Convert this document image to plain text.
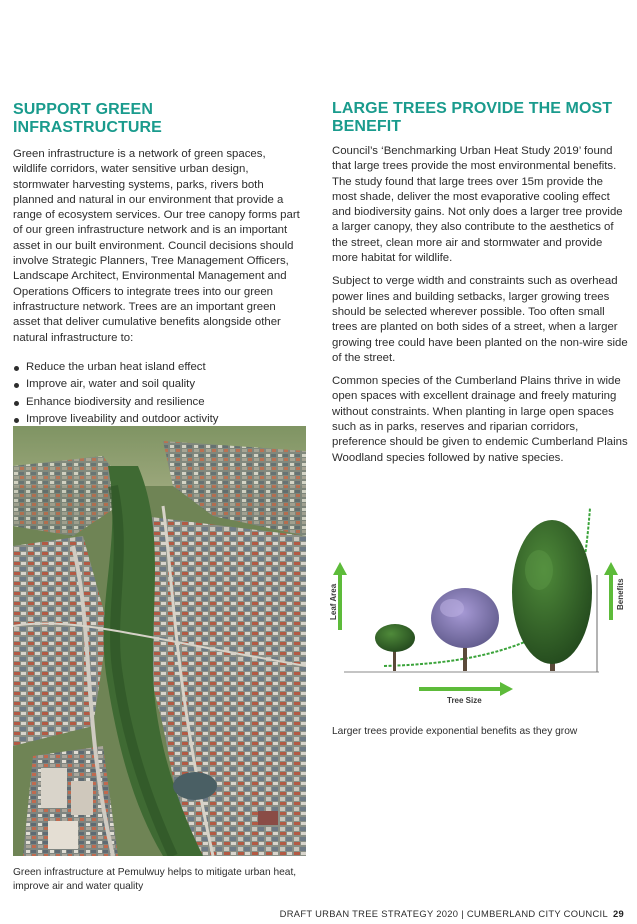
SUPPORT GREEN INFRASTRUCTURE

Green infrastructure is a network of green spaces, wildlife corridors, water sensitive urban design, stormwater harvesting systems, parks, rivers both planned and natural in our environment that provide a range of ecosystem services. Our tree canopy forms part of our green infrastructure network and is an important asset in our built environment. Council decisions should involve Strategic Planners, Tree Management Officers, Landscape Architect, Environmental Management and Operations Officers to integrate trees into our green infrastructure network. Trees are an important green asset that deliver cumulative benefits alongside other natural infrastructure to:

Reduce the urban heat island effect
Improve air, water and soil quality
Enhance biodiversity and resilience
Improve liveability and outdoor activity
LARGE TREES PROVIDE THE MOST BENEFIT

Council’s ‘Benchmarking Urban Heat Study 2019’ found that large trees provide the most environmental benefits. The study found that large trees over 15m provide the most shade, deliver the most evaporative cooling effect and biodiversity gains. Not only does a larger tree provide a larger canopy, they also contribute to the aesthetics of the street, clean more air and stormwater and provide more habitat for wildlife.

Subject to verge width and constraints such as overhead power lines and building setbacks, larger growing trees should be selected wherever possible. Too often small trees are planted on both sides of a street, when a larger growing tree could have been planted on the non-wire side of the street.

Common species of the Cumberland Plains thrive in wide open spaces with excellent drainage and freely maturing without constraints. When planting in large open spaces such as in parks, reserves and riparian corridors, preference should be given to endemic Cumberland Plains Woodland species followed by native species.

Leaf Area	Benefits
Tree Size
Larger trees provide exponential benefits as they grow
Green infrastructure at Pemulwuy helps to mitigate urban heat, improve air and water quality
DRAFT URBAN TREE STRATEGY 2020 | CUMBERLAND CITY COUNCIL 29
